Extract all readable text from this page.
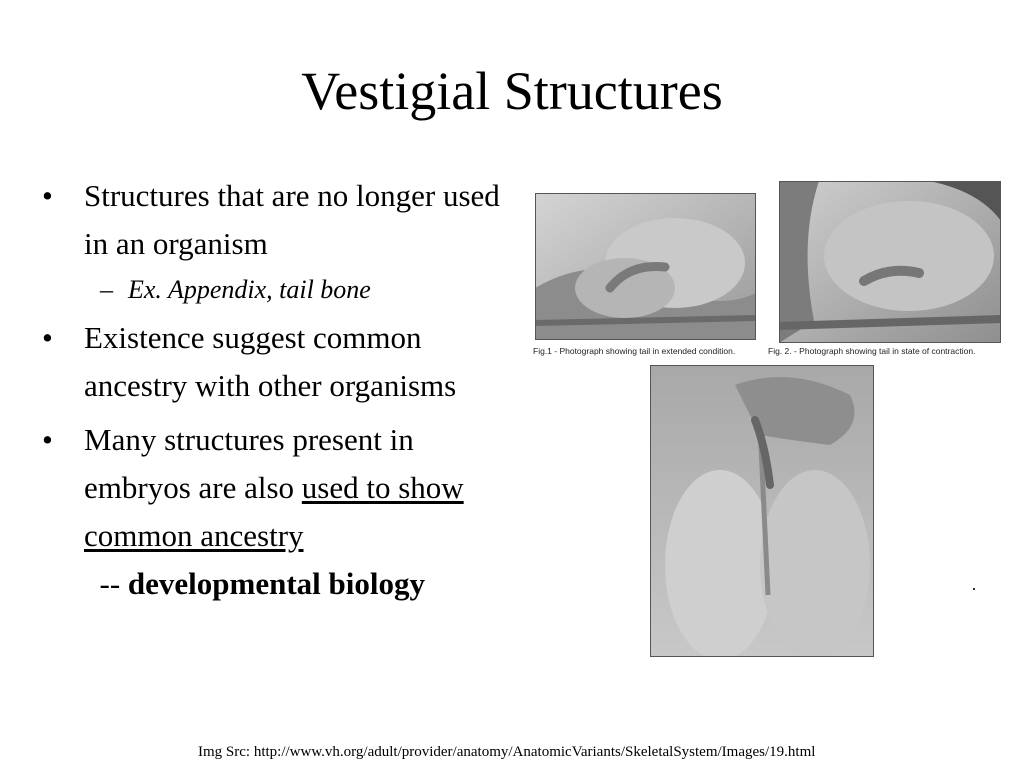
Vestigial Structures
• Structures that are no longer used in an organism
– Ex. Appendix, tail bone
• Existence suggest common ancestry with other organisms
• Many structures present in embryos are also used to show common ancestry  -- developmental biology
Fig.1 - Photograph showing tail in extended condition.	Fig. 2. - Photograph showing tail in state of contraction.
Img Src: http://www.vh.org/adult/provider/anatomy/AnatomicVariants/SkeletalSystem/Images/19.html
